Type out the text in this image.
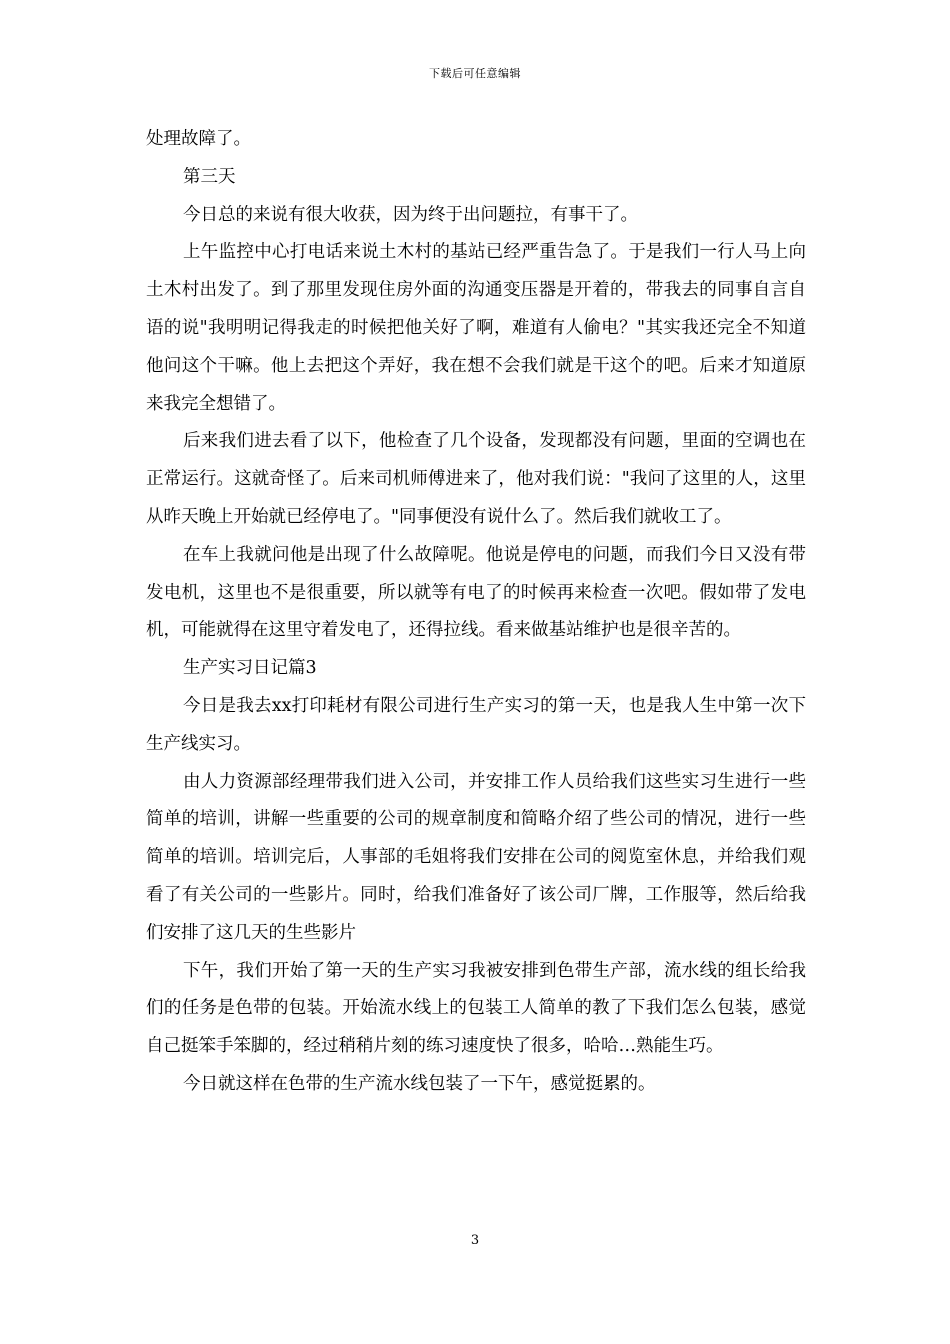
下载后可任意编辑

处理故障了。

第三天

今日总的来说有很大收获，因为终于出问题拉，有事干了。

上午监控中心打电话来说土木村的基站已经严重告急了。于是我们一行人马上向土木村出发了。到了那里发现住房外面的沟通变压器是开着的，带我去的同事自言自语的说"我明明记得我走的时候把他关好了啊，难道有人偷电？"其实我还完全不知道他问这个干嘛。他上去把这个弄好，我在想不会我们就是干这个的吧。后来才知道原来我完全想错了。

后来我们进去看了以下，他检查了几个设备，发现都没有问题，里面的空调也在正常运行。这就奇怪了。后来司机师傅进来了，他对我们说："我问了这里的人，这里从昨天晚上开始就已经停电了。"同事便没有说什么了。然后我们就收工了。

在车上我就问他是出现了什么故障呢。他说是停电的问题，而我们今日又没有带发电机，这里也不是很重要，所以就等有电了的时候再来检查一次吧。假如带了发电机，可能就得在这里守着发电了，还得拉线。看来做基站维护也是很辛苦的。

生产实习日记篇3

今日是我去xx打印耗材有限公司进行生产实习的第一天，也是我人生中第一次下生产线实习。

由人力资源部经理带我们进入公司，并安排工作人员给我们这些实习生进行一些简单的培训，讲解一些重要的公司的规章制度和简略介绍了些公司的情况，进行一些简单的培训。培训完后，人事部的毛姐将我们安排在公司的阅览室休息，并给我们观看了有关公司的一些影片。同时，给我们准备好了该公司厂牌，工作服等，然后给我们安排了这几天的生些影片

下午，我们开始了第一天的生产实习我被安排到色带生产部，流水线的组长给我们的任务是色带的包装。开始流水线上的包装工人简单的教了下我们怎么包装，感觉自己挺笨手笨脚的，经过稍稍片刻的练习速度快了很多，哈哈…熟能生巧。

今日就这样在色带的生产流水线包装了一下午，感觉挺累的。

3
